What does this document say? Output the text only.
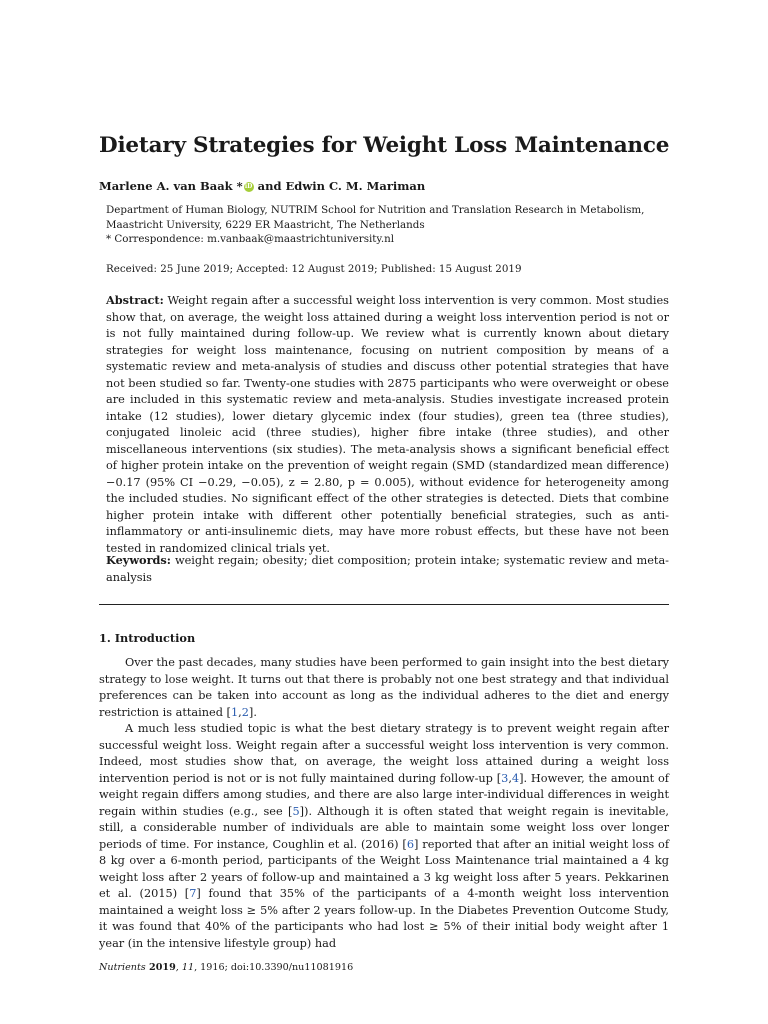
Dietary Strategies for Weight Loss Maintenance
Marlene A. van Baak * iD and Edwin C. M. Mariman
Department of Human Biology, NUTRIM School for Nutrition and Translation Research in Metabolism,
Maastricht University, 6229 ER Maastricht, The Netherlands
* Correspondence: m.vanbaak@maastrichtuniversity.nl
Received: 25 June 2019; Accepted: 12 August 2019; Published: 15 August 2019
Abstract: Weight regain after a successful weight loss intervention is very common. Most studies show that, on average, the weight loss attained during a weight loss intervention period is not or is not fully maintained during follow-up. We review what is currently known about dietary strategies for weight loss maintenance, focusing on nutrient composition by means of a systematic review and meta-analysis of studies and discuss other potential strategies that have not been studied so far. Twenty-one studies with 2875 participants who were overweight or obese are included in this systematic review and meta-analysis. Studies investigate increased protein intake (12 studies), lower dietary glycemic index (four studies), green tea (three studies), conjugated linoleic acid (three studies), higher fibre intake (three studies), and other miscellaneous interventions (six studies). The meta-analysis shows a significant beneficial effect of higher protein intake on the prevention of weight regain (SMD (standardized mean difference) −0.17 (95% CI −0.29, −0.05), z = 2.80, p = 0.005), without evidence for heterogeneity among the included studies. No significant effect of the other strategies is detected. Diets that combine higher protein intake with different other potentially beneficial strategies, such as anti-inflammatory or anti-insulinemic diets, may have more robust effects, but these have not been tested in randomized clinical trials yet.
Keywords: weight regain; obesity; diet composition; protein intake; systematic review and meta-analysis
1. Introduction

Over the past decades, many studies have been performed to gain insight into the best dietary strategy to lose weight. It turns out that there is probably not one best strategy and that individual preferences can be taken into account as long as the individual adheres to the diet and energy restriction is attained [1,2].

A much less studied topic is what the best dietary strategy is to prevent weight regain after successful weight loss. Weight regain after a successful weight loss intervention is very common. Indeed, most studies show that, on average, the weight loss attained during a weight loss intervention period is not or is not fully maintained during follow-up [3,4]. However, the amount of weight regain differs among studies, and there are also large inter-individual differences in weight regain within studies (e.g., see [5]). Although it is often stated that weight regain is inevitable, still, a considerable number of individuals are able to maintain some weight loss over longer periods of time. For instance, Coughlin et al. (2016) [6] reported that after an initial weight loss of 8 kg over a 6-month period, participants of the Weight Loss Maintenance trial maintained a 4 kg weight loss after 2 years of follow-up and maintained a 3 kg weight loss after 5 years. Pekkarinen et al. (2015) [7] found that 35% of the participants of a 4-month weight loss intervention maintained a weight loss ≥ 5% after 2 years follow-up. In the Diabetes Prevention Outcome Study, it was found that 40% of the participants who had lost ≥ 5% of their initial body weight after 1 year (in the intensive lifestyle group) had

Nutrients 2019, 11, 1916; doi:10.3390/nu11081916
